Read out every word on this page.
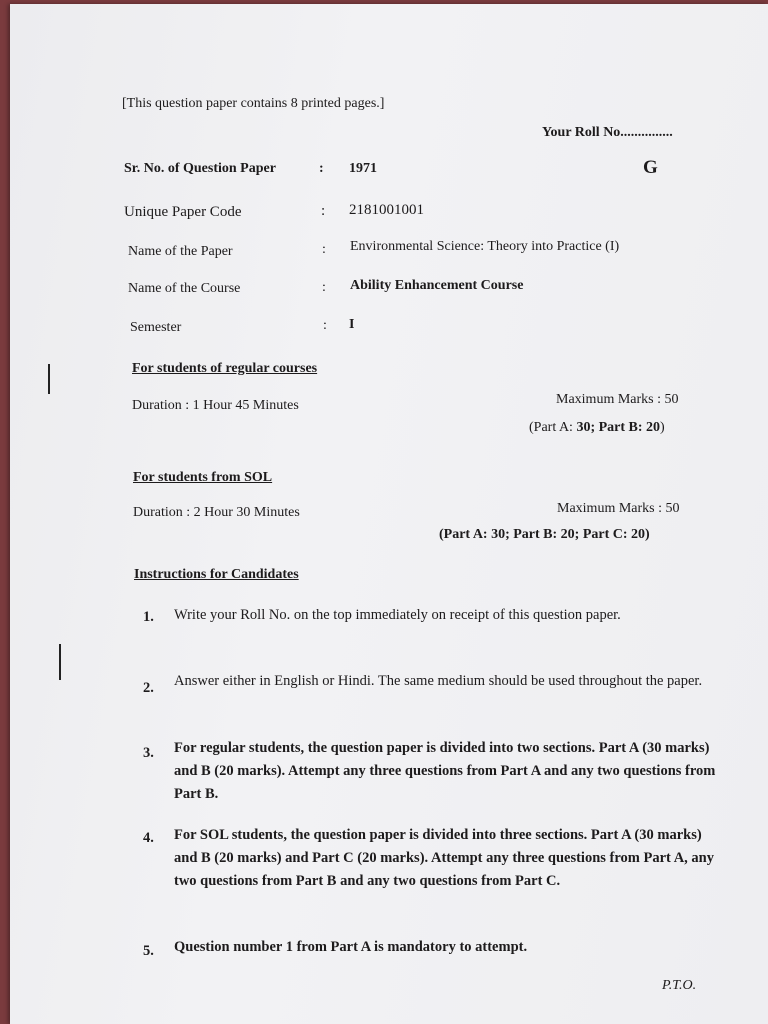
[This question paper contains 8 printed pages.]
Your Roll No...............
Sr. No. of Question Paper	: 1971	G
Unique Paper Code	: 2181001001
Name of the Paper	: Environmental Science: Theory into Practice (I)
Name of the Course	: Ability Enhancement Course
Semester	: I
For students of regular courses
Duration : 1 Hour 45 Minutes	Maximum Marks : 50
(Part A: 30; Part B: 20)
For students from SOL
Duration : 2 Hour 30 Minutes	Maximum Marks : 50
(Part A: 30; Part B: 20; Part C: 20)
Instructions for Candidates
1. Write your Roll No. on the top immediately on receipt of this question paper.
2. Answer either in English or Hindi. The same medium should be used throughout the paper.
3. For regular students, the question paper is divided into two sections. Part A (30 marks) and B (20 marks). Attempt any three questions from Part A and any two questions from Part B.
4. For SOL students, the question paper is divided into three sections. Part A (30 marks) and B (20 marks) and Part C (20 marks). Attempt any three questions from Part A, any two questions from Part B and any two questions from Part C.
5. Question number 1 from Part A is mandatory to attempt.
P.T.O.
